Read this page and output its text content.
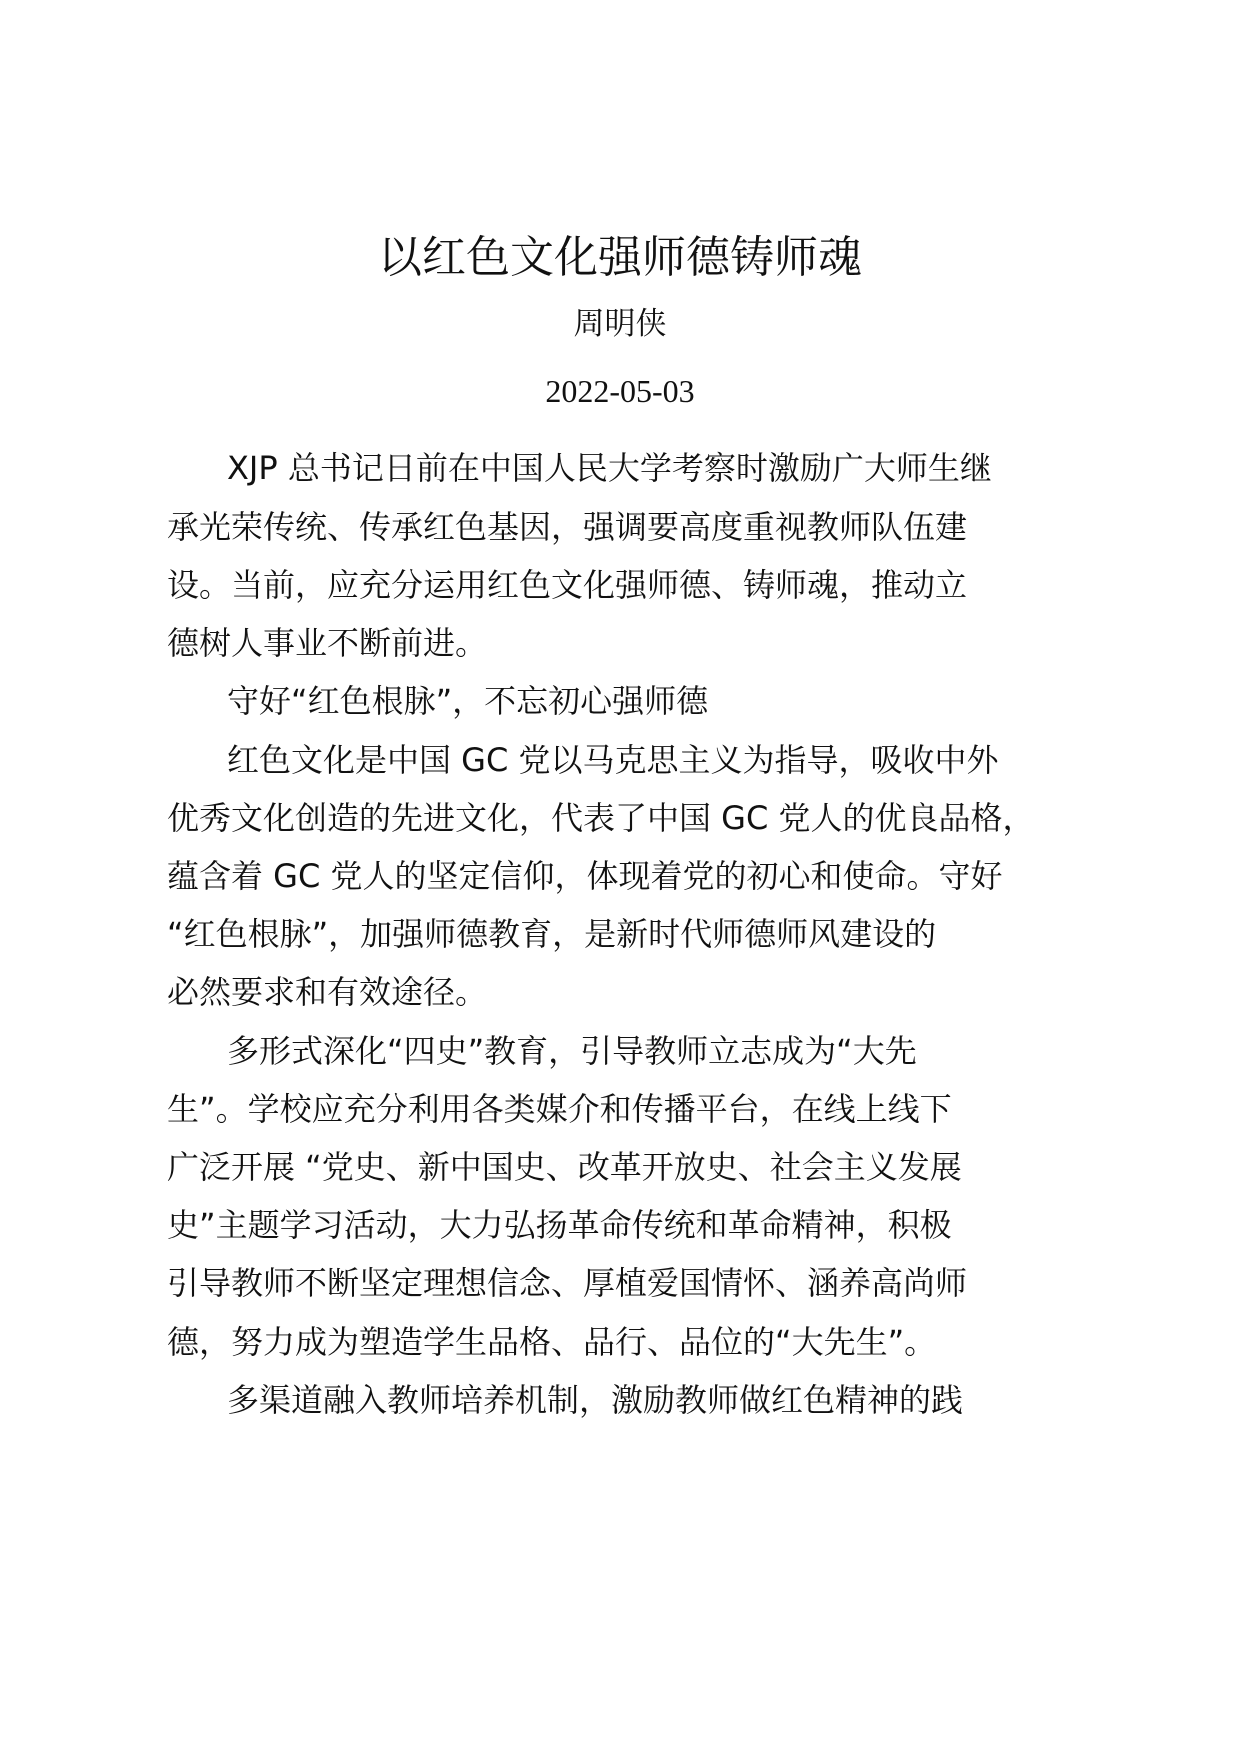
以红色文化强师德铸师魂
周明侠
2022-05-03
XJP 总书记日前在中国人民大学考察时激励广大师生继
承光荣传统、传承红色基因，强调要高度重视教师队伍建
设。当前，应充分运用红色文化强师德、铸师魂，推动立
德树人事业不断前进。
守好“红色根脉”，不忘初心强师德
红色文化是中国 GC 党以马克思主义为指导，吸收中外
优秀文化创造的先进文化，代表了中国 GC 党人的优良品格，
蕴含着 GC 党人的坚定信仰，体现着党的初心和使命。守好
“红色根脉”，加强师德教育，是新时代师德师风建设的
必然要求和有效途径。
多形式深化“四史”教育，引导教师立志成为“大先
生”。学校应充分利用各类媒介和传播平台，在线上线下
广泛开展 “党史、新中国史、改革开放史、社会主义发展
史”主题学习活动，大力弘扬革命传统和革命精神，积极
引导教师不断坚定理想信念、厚植爱国情怀、涵养高尚师
德，努力成为塑造学生品格、品行、品位的“大先生”。
多渠道融入教师培养机制，激励教师做红色精神的践
